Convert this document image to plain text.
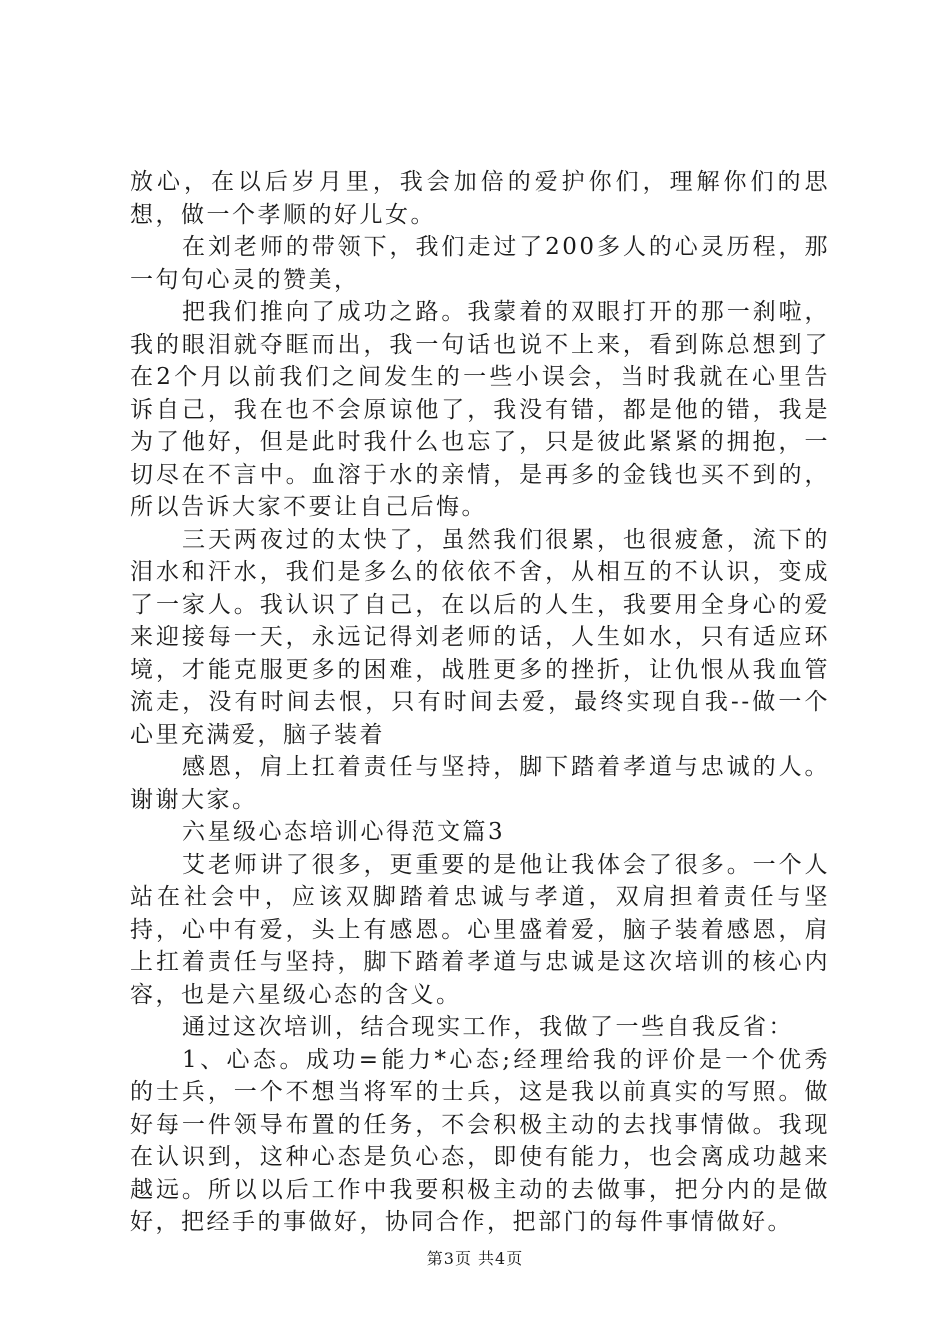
放心，在以后岁月里，我会加倍的爱护你们，理解你们的思想，做一个孝顺的好儿女。

在刘老师的带领下，我们走过了200多人的心灵历程，那一句句心灵的赞美，

把我们推向了成功之路。我蒙着的双眼打开的那一刹啦，我的眼泪就夺眶而出，我一句话也说不上来，看到陈总想到了在2个月以前我们之间发生的一些小误会，当时我就在心里告诉自己，我在也不会原谅他了，我没有错，都是他的错，我是为了他好，但是此时我什么也忘了，只是彼此紧紧的拥抱，一切尽在不言中。血溶于水的亲情，是再多的金钱也买不到的，所以告诉大家不要让自己后悔。

三天两夜过的太快了，虽然我们很累，也很疲惫，流下的泪水和汗水，我们是多么的依依不舍，从相互的不认识，变成了一家人。我认识了自己，在以后的人生，我要用全身心的爱来迎接每一天，永远记得刘老师的话，人生如水，只有适应环境，才能克服更多的困难，战胜更多的挫折，让仇恨从我血管流走，没有时间去恨，只有时间去爱，最终实现自我--做一个心里充满爱，脑子装着

感恩，肩上扛着责任与坚持，脚下踏着孝道与忠诚的人。谢谢大家。

六星级心态培训心得范文篇3

艾老师讲了很多，更重要的是他让我体会了很多。一个人站在社会中，应该双脚踏着忠诚与孝道，双肩担着责任与坚持，心中有爱，头上有感恩。心里盛着爱，脑子装着感恩，肩上扛着责任与坚持，脚下踏着孝道与忠诚是这次培训的核心内容，也是六星级心态的含义。

通过这次培训，结合现实工作，我做了一些自我反省：

1、心态。成功=能力*心态;经理给我的评价是一个优秀的士兵，一个不想当将军的士兵，这是我以前真实的写照。做好每一件领导布置的任务，不会积极主动的去找事情做。我现在认识到，这种心态是负心态，即使有能力，也会离成功越来越远。所以以后工作中我要积极主动的去做事，把分内的是做好，把经手的事做好，协同合作，把部门的每件事情做好。

第3页 共4页
